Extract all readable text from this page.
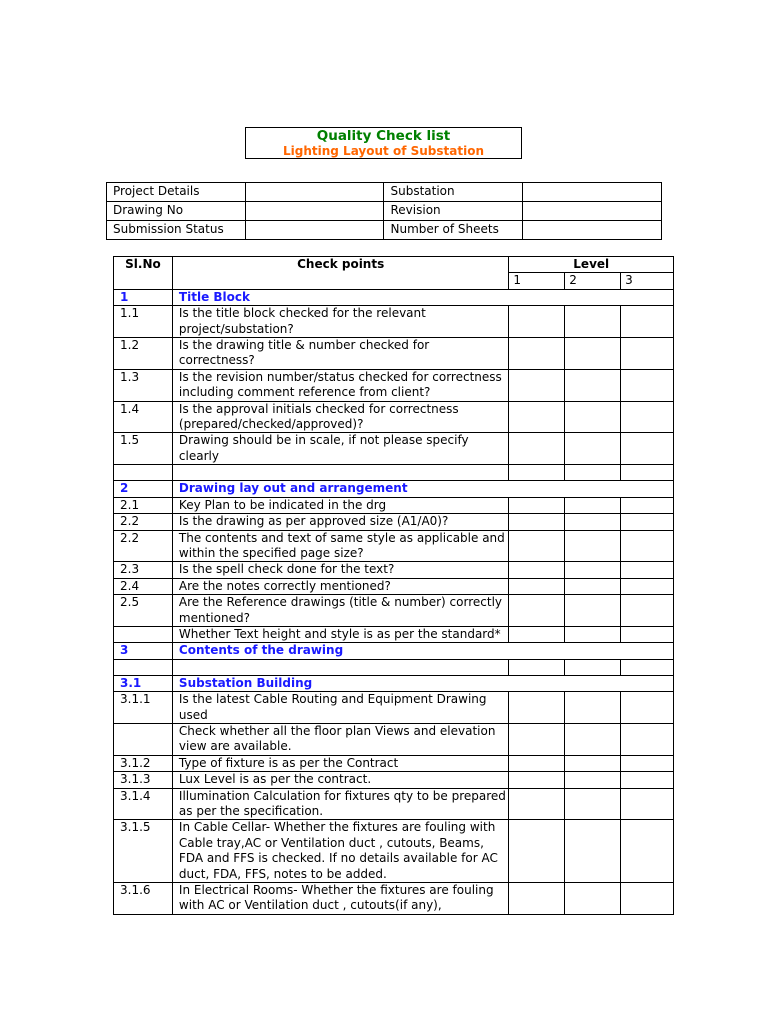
Quality Check list
Lighting Layout of Substation
Project Details		Substation	
Drawing No		Revision	
Submission Status		Number of Sheets	
Sl.No	Check points	Level		
		1	2	3
1	Title Block			
1.1	Is the title block checked for the relevant project/substation?			
1.2	Is the drawing title & number checked for correctness?			
1.3	Is the revision number/status checked for correctness including comment reference from client?			
1.4	Is the approval initials checked for correctness (prepared/checked/approved)?			
1.5	Drawing should be in scale, if not please specify clearly			

2	Drawing lay out and arrangement			
2.1	Key Plan to be indicated in the drg			
2.2	Is the drawing as per approved size (A1/A0)?			
2.2	The contents and text of same style as applicable and within the specified page size?			
2.3	Is the spell check done for the text?			
2.4	Are the notes correctly mentioned?			
2.5	Are the Reference drawings (title & number) correctly mentioned?			
	Whether Text height and style is as per the standard*			
3	Contents of the drawing			

3.1	Substation Building			
3.1.1	Is the latest Cable Routing and Equipment Drawing used			
	Check whether all the floor plan Views and elevation view are available.			
3.1.2	Type of fixture is as per the Contract			
3.1.3	Lux Level is as per the contract.			
3.1.4	Illumination Calculation for fixtures qty to be prepared as per the specification.			
3.1.5	In Cable Cellar- Whether the fixtures are fouling with Cable tray,AC or Ventilation duct , cutouts, Beams, FDA and FFS is checked. If no details available for AC duct, FDA, FFS, notes to be added.			
3.1.6	In Electrical Rooms- Whether the fixtures are fouling with AC or Ventilation duct , cutouts(if any),			
